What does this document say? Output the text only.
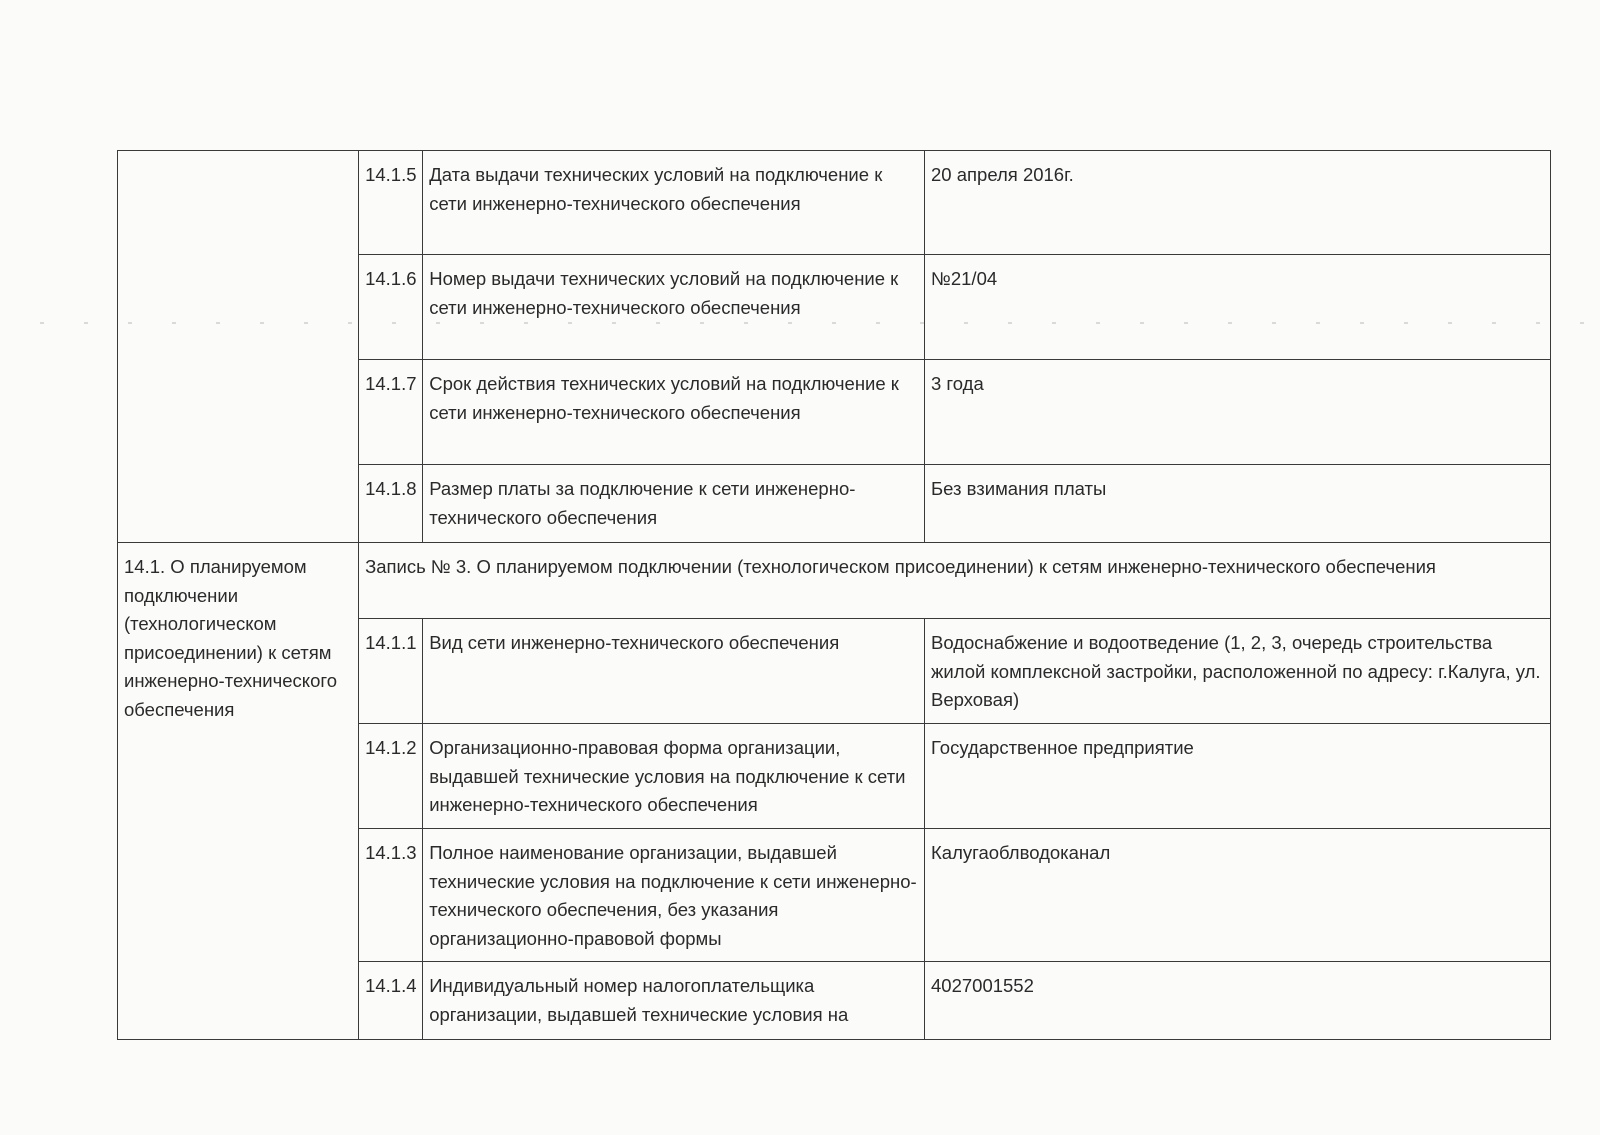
	14.1.5	Дата выдачи технических условий на подключение к сети инженерно-технического обеспечения	20 апреля 2016г.
	14.1.6	Номер выдачи технических условий на подключение к сети инженерно-технического обеспечения	№21/04
	14.1.7	Срок действия технических условий на подключение к сети инженерно-технического обеспечения	3 года
	14.1.8	Размер платы за подключение к сети инженерно-технического обеспечения	Без взимания платы
14.1. О планируемом подключении (технологическом присоединении) к сетям инженерно-технического обеспечения	Запись № 3. О планируемом подключении (технологическом присоединении) к сетям инженерно-технического обеспечения		
	14.1.1	Вид сети инженерно-технического обеспечения	Водоснабжение и водоотведение (1, 2, 3, очередь строительства жилой комплексной застройки, расположенной по адресу: г.Калуга, ул. Верховая)
	14.1.2	Организационно-правовая форма организации, выдавшей технические условия на подключение к сети инженерно-технического обеспечения	Государственное предприятие
	14.1.3	Полное наименование организации, выдавшей технические условия на подключение к сети инженерно-технического обеспечения, без указания организационно-правовой формы	Калугаоблводоканал
	14.1.4	Индивидуальный номер налогоплательщика организации, выдавшей технические условия на	4027001552
